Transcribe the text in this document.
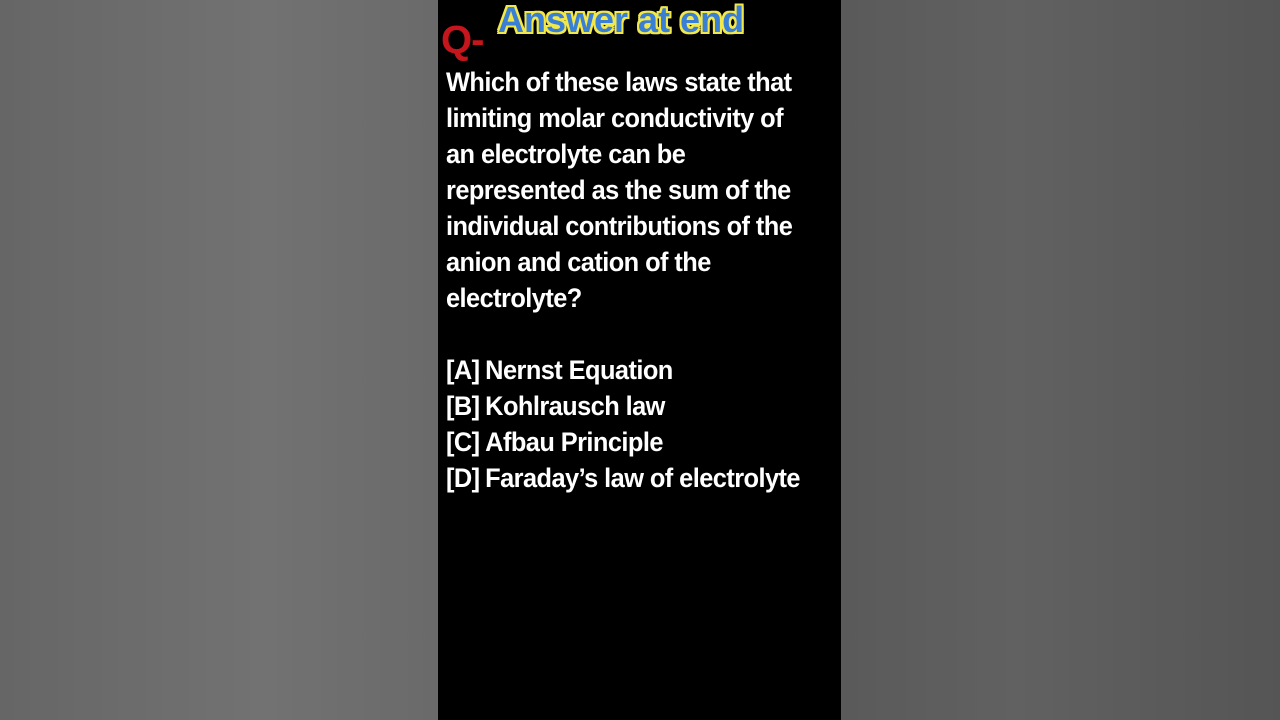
Q- Answer at end

Which of these laws state that limiting molar conductivity of an electrolyte can be represented as the sum of the individual contributions of the anion and cation of the electrolyte?

[A] Nernst Equation
[B] Kohlrausch law
[C] Afbau Principle
[D] Faraday’s law of electrolyte
